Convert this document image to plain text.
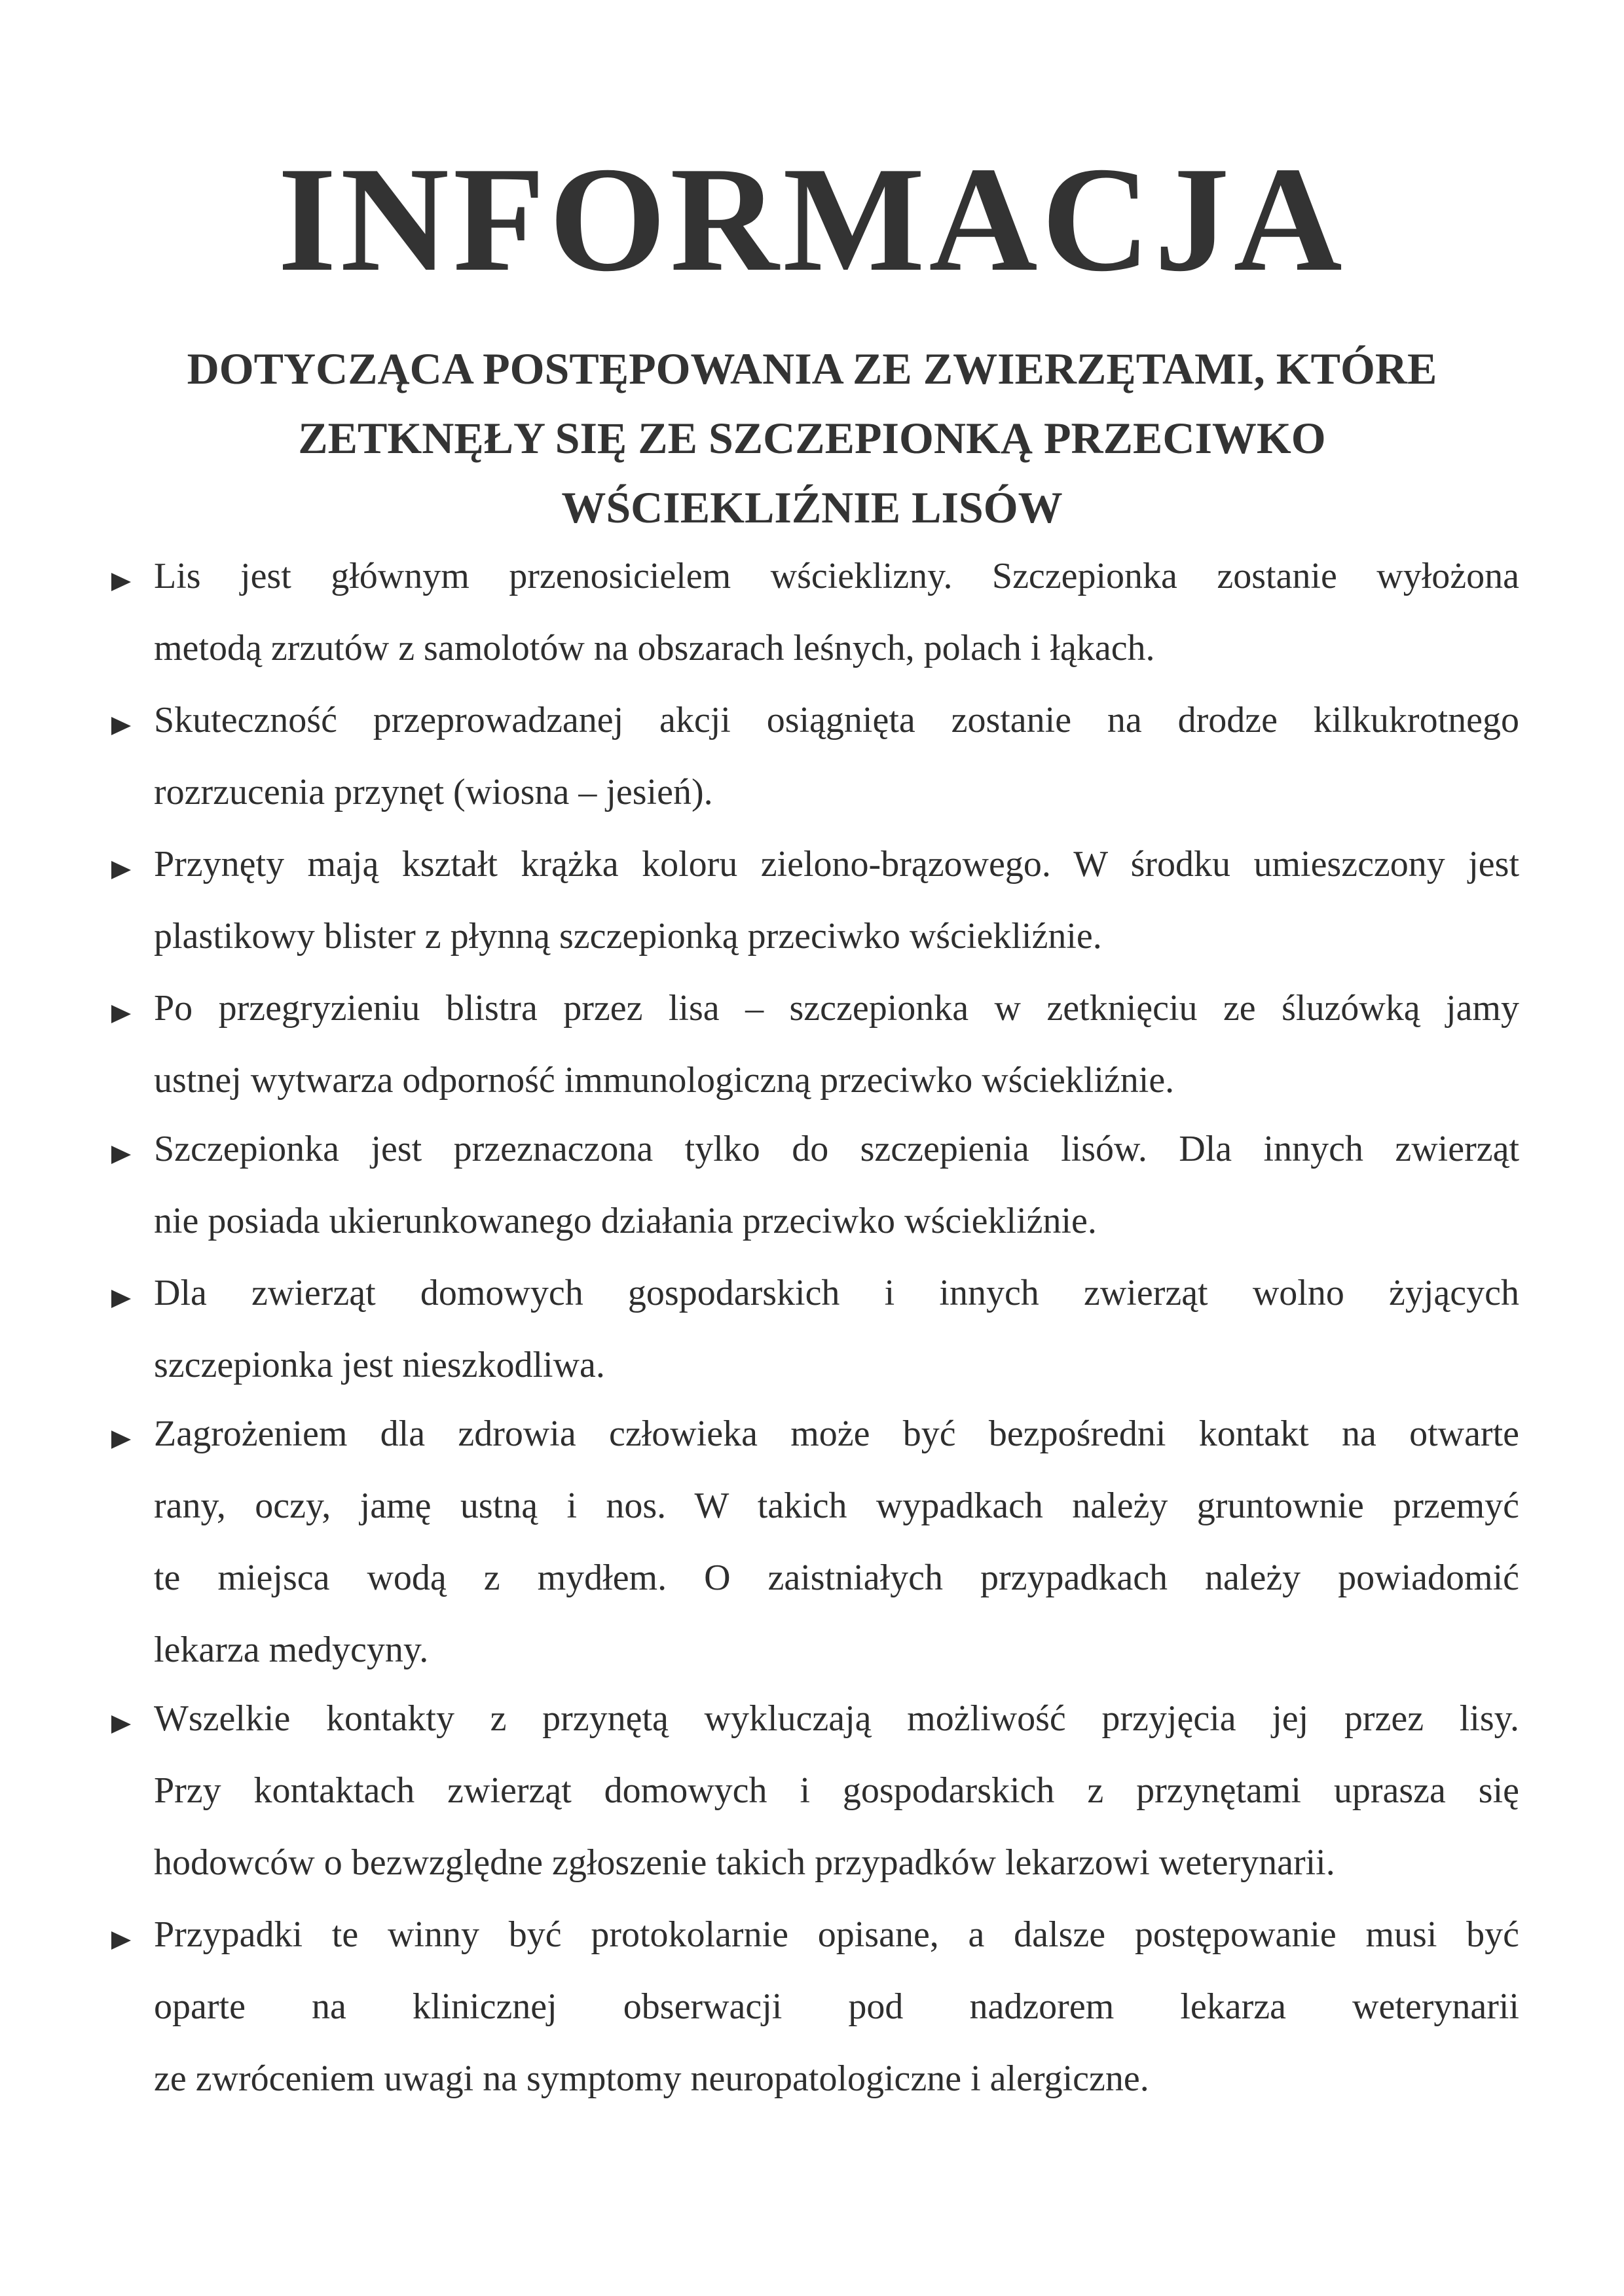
INFORMACJA
DOTYCZĄCA POSTĘPOWANIA ZE ZWIERZĘTAMI, KTÓRE
ZETKNĘŁY SIĘ ZE SZCZEPIONKĄ PRZECIWKO
WŚCIEKLIŹNIE LISÓW
Lis jest głównym przenosicielem wścieklizny. Szczepionka zostanie wyłożona
metodą zrzutów z samolotów na obszarach leśnych, polach i łąkach.
Skuteczność przeprowadzanej akcji osiągnięta zostanie na drodze kilkukrotnego
rozrzucenia przynęt (wiosna – jesień).
Przynęty mają kształt krążka koloru zielono-brązowego. W środku umieszczony jest
plastikowy blister z płynną szczepionką przeciwko wściekliźnie.
Po przegryzieniu blistra przez lisa – szczepionka w zetknięciu ze śluzówką jamy
ustnej wytwarza odporność immunologiczną przeciwko wściekliźnie.
Szczepionka jest przeznaczona tylko do szczepienia lisów. Dla innych zwierząt
nie posiada ukierunkowanego działania przeciwko wściekliźnie.
Dla zwierząt domowych gospodarskich i innych zwierząt wolno żyjących
szczepionka jest nieszkodliwa.
Zagrożeniem dla zdrowia człowieka może być bezpośredni kontakt na otwarte
rany, oczy, jamę ustną i nos. W takich wypadkach należy gruntownie przemyć
te miejsca wodą z mydłem. O zaistniałych przypadkach należy powiadomić
lekarza medycyny.
Wszelkie kontakty z przynętą wykluczają możliwość przyjęcia jej przez lisy.
Przy kontaktach zwierząt domowych i gospodarskich z przynętami uprasza się
hodowców o bezwzględne zgłoszenie takich przypadków lekarzowi weterynarii.
Przypadki te winny być protokolarnie opisane, a dalsze postępowanie musi być
oparte na klinicznej obserwacji pod nadzorem lekarza weterynarii
ze zwróceniem uwagi na symptomy neuropatologiczne i alergiczne.
